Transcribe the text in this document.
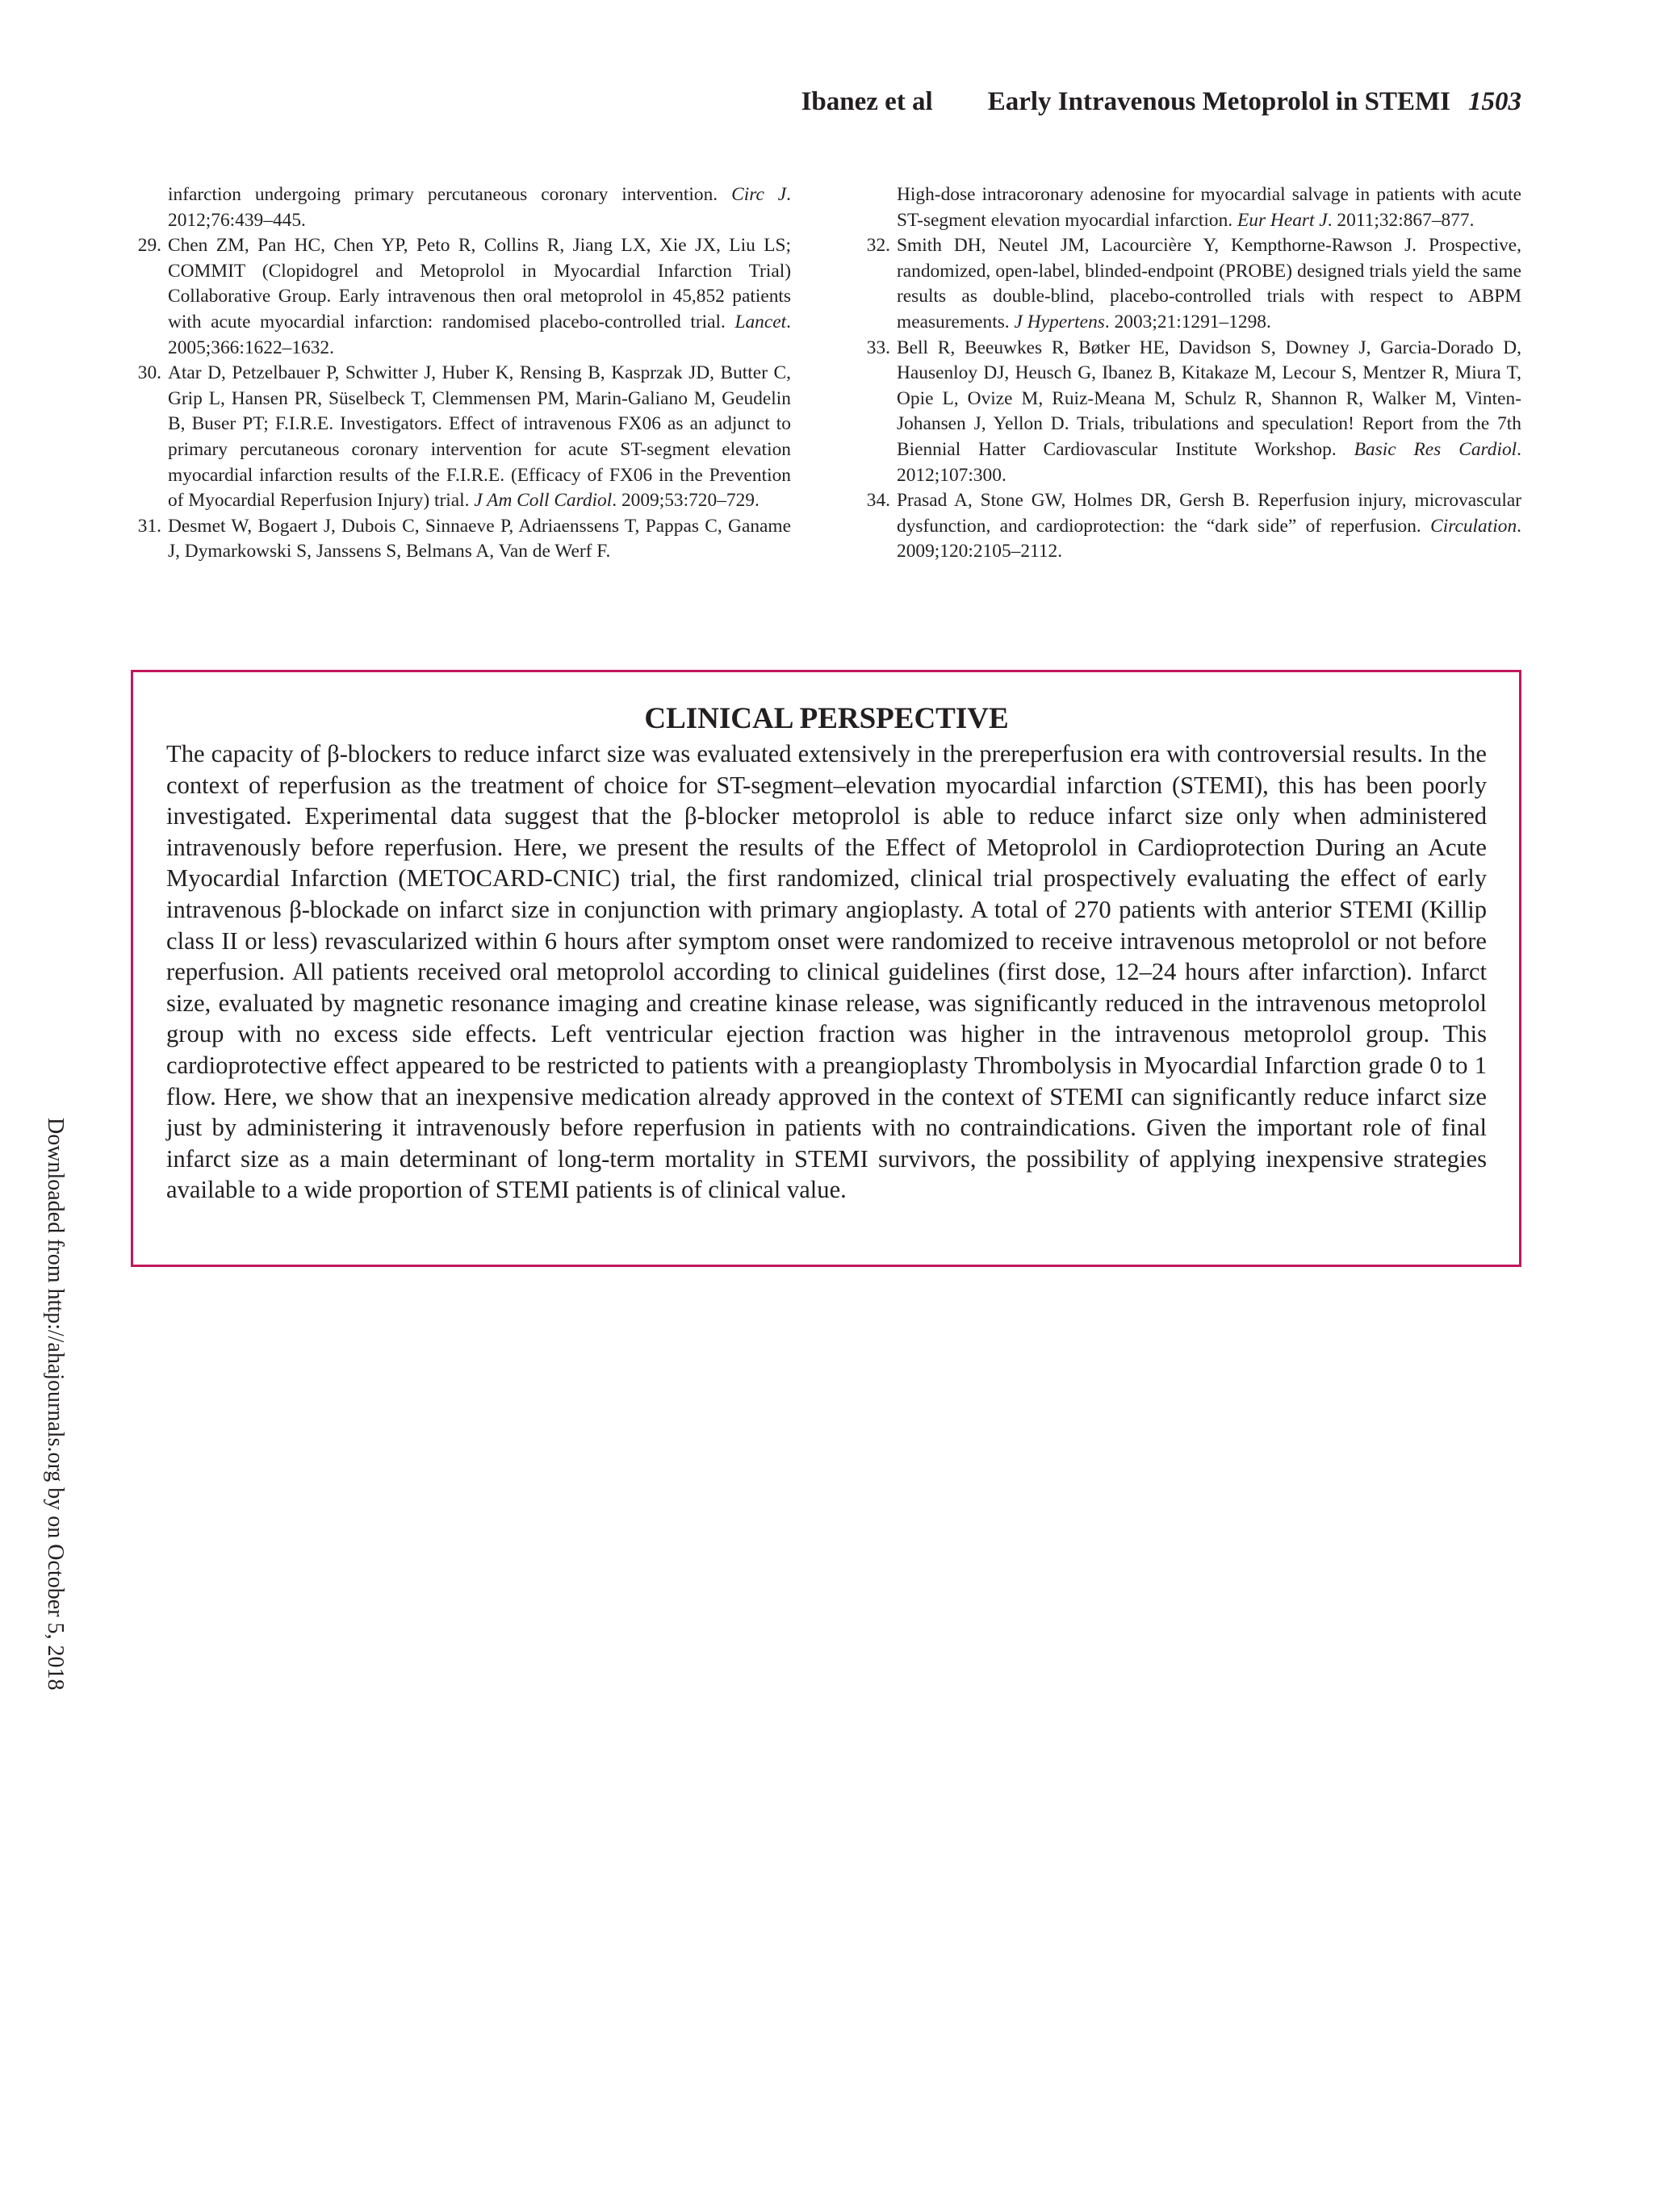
Ibanez et al Early Intravenous Metoprolol in STEMI 1503

infarction undergoing primary percutaneous coronary intervention. Circ J. 2012;76:439–445.

29. Chen ZM, Pan HC, Chen YP, Peto R, Collins R, Jiang LX, Xie JX, Liu LS; COMMIT (Clopidogrel and Metoprolol in Myocardial Infarction Trial) Collaborative Group. Early intravenous then oral metoprolol in 45,852 patients with acute myocardial infarction: randomised placebo-controlled trial. Lancet. 2005;366:1622–1632.

30. Atar D, Petzelbauer P, Schwitter J, Huber K, Rensing B, Kasprzak JD, Butter C, Grip L, Hansen PR, Süselbeck T, Clemmensen PM, Marin-Galiano M, Geudelin B, Buser PT; F.I.R.E. Investigators. Effect of intravenous FX06 as an adjunct to primary percutaneous coronary intervention for acute ST-segment elevation myocardial infarction results of the F.I.R.E. (Efficacy of FX06 in the Prevention of Myocardial Reperfusion Injury) trial. J Am Coll Cardiol. 2009;53:720–729.

31. Desmet W, Bogaert J, Dubois C, Sinnaeve P, Adriaenssens T, Pappas C, Ganame J, Dymarkowski S, Janssens S, Belmans A, Van de Werf F.

High-dose intracoronary adenosine for myocardial salvage in patients with acute ST-segment elevation myocardial infarction. Eur Heart J. 2011;32:867–877.

32. Smith DH, Neutel JM, Lacourcière Y, Kempthorne-Rawson J. Prospective, randomized, open-label, blinded-endpoint (PROBE) designed trials yield the same results as double-blind, placebo-controlled trials with respect to ABPM measurements. J Hypertens. 2003;21:1291–1298.

33. Bell R, Beeuwkes R, Bøtker HE, Davidson S, Downey J, Garcia-Dorado D, Hausenloy DJ, Heusch G, Ibanez B, Kitakaze M, Lecour S, Mentzer R, Miura T, Opie L, Ovize M, Ruiz-Meana M, Schulz R, Shannon R, Walker M, Vinten-Johansen J, Yellon D. Trials, tribulations and speculation! Report from the 7th Biennial Hatter Cardiovascular Institute Workshop. Basic Res Cardiol. 2012;107:300.

34. Prasad A, Stone GW, Holmes DR, Gersh B. Reperfusion injury, microvascular dysfunction, and cardioprotection: the “dark side” of reperfusion. Circulation. 2009;120:2105–2112.

CLINICAL PERSPECTIVE

The capacity of β-blockers to reduce infarct size was evaluated extensively in the prereperfusion era with controversial results. In the context of reperfusion as the treatment of choice for ST-segment–elevation myocardial infarction (STEMI), this has been poorly investigated. Experimental data suggest that the β-blocker metoprolol is able to reduce infarct size only when administered intravenously before reperfusion. Here, we present the results of the Effect of Metoprolol in Cardioprotection During an Acute Myocardial Infarction (METOCARD-CNIC) trial, the first randomized, clinical trial prospectively evaluating the effect of early intravenous β-blockade on infarct size in conjunction with primary angioplasty. A total of 270 patients with anterior STEMI (Killip class II or less) revascularized within 6 hours after symptom onset were randomized to receive intravenous metoprolol or not before reperfusion. All patients received oral metoprolol according to clinical guidelines (first dose, 12–24 hours after infarction). Infarct size, evaluated by magnetic resonance imaging and creatine kinase release, was significantly reduced in the intravenous metoprolol group with no excess side effects. Left ventricular ejection fraction was higher in the intravenous metoprolol group. This cardioprotective effect appeared to be restricted to patients with a preangioplasty Thrombolysis in Myocardial Infarction grade 0 to 1 flow. Here, we show that an inexpensive medication already approved in the context of STEMI can significantly reduce infarct size just by administering it intravenously before reperfusion in patients with no contraindications. Given the important role of final infarct size as a main determinant of long-term mortality in STEMI survivors, the possibility of applying inexpensive strategies available to a wide proportion of STEMI patients is of clinical value.

Downloaded from http://ahajournals.org by on October 5, 2018
